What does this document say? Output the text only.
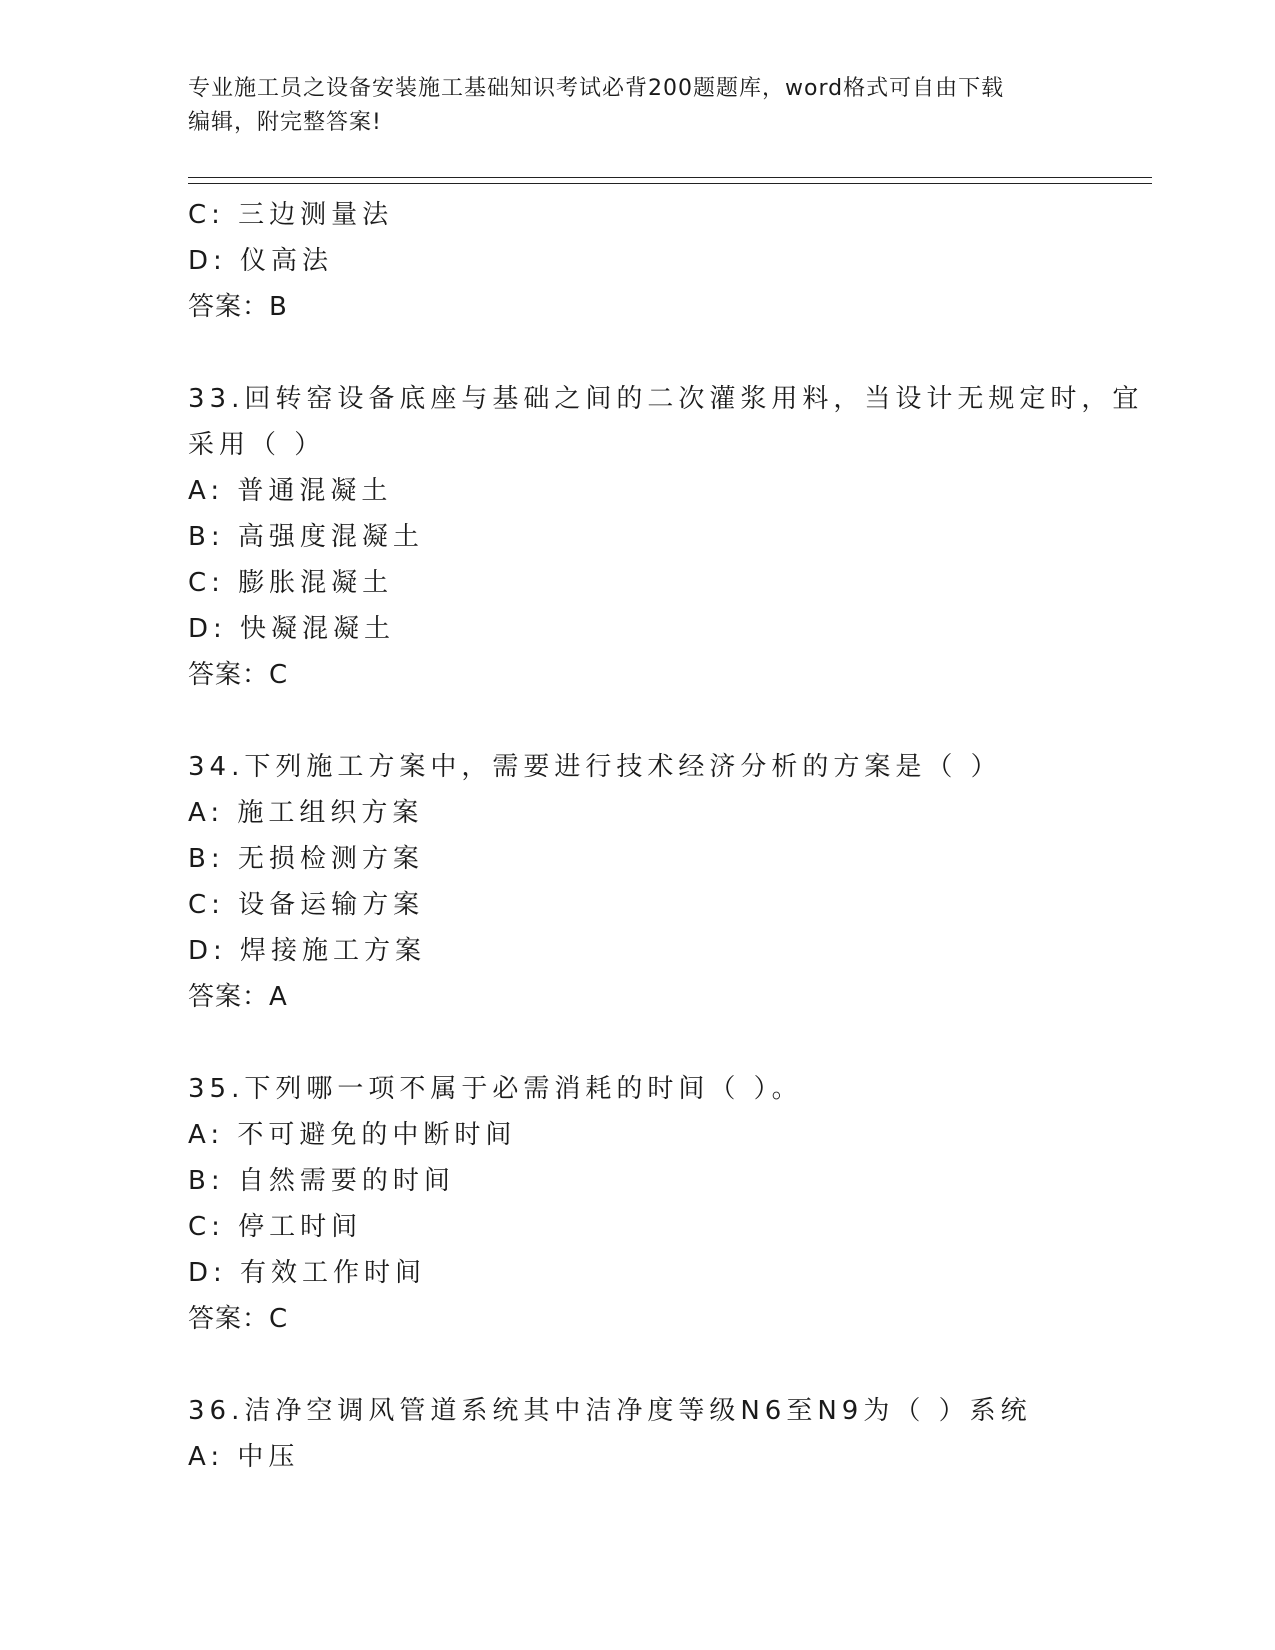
专业施工员之设备安装施工基础知识考试必背200题题库，word格式可自由下载
编辑，附完整答案!
C: 三边测量法
D: 仪高法
答案：B
33.回转窑设备底座与基础之间的二次灌浆用料，当设计无规定时，宜
采用（ ）
A: 普通混凝土
B: 高强度混凝土
C: 膨胀混凝土
D: 快凝混凝土
答案：C
34.下列施工方案中，需要进行技术经济分析的方案是（ ）
A: 施工组织方案
B: 无损检测方案
C: 设备运输方案
D: 焊接施工方案
答案：A
35.下列哪一项不属于必需消耗的时间（ ）。
A: 不可避免的中断时间
B: 自然需要的时间
C: 停工时间
D: 有效工作时间
答案：C
36.洁净空调风管道系统其中洁净度等级N6至N9为（ ）系统
A: 中压
